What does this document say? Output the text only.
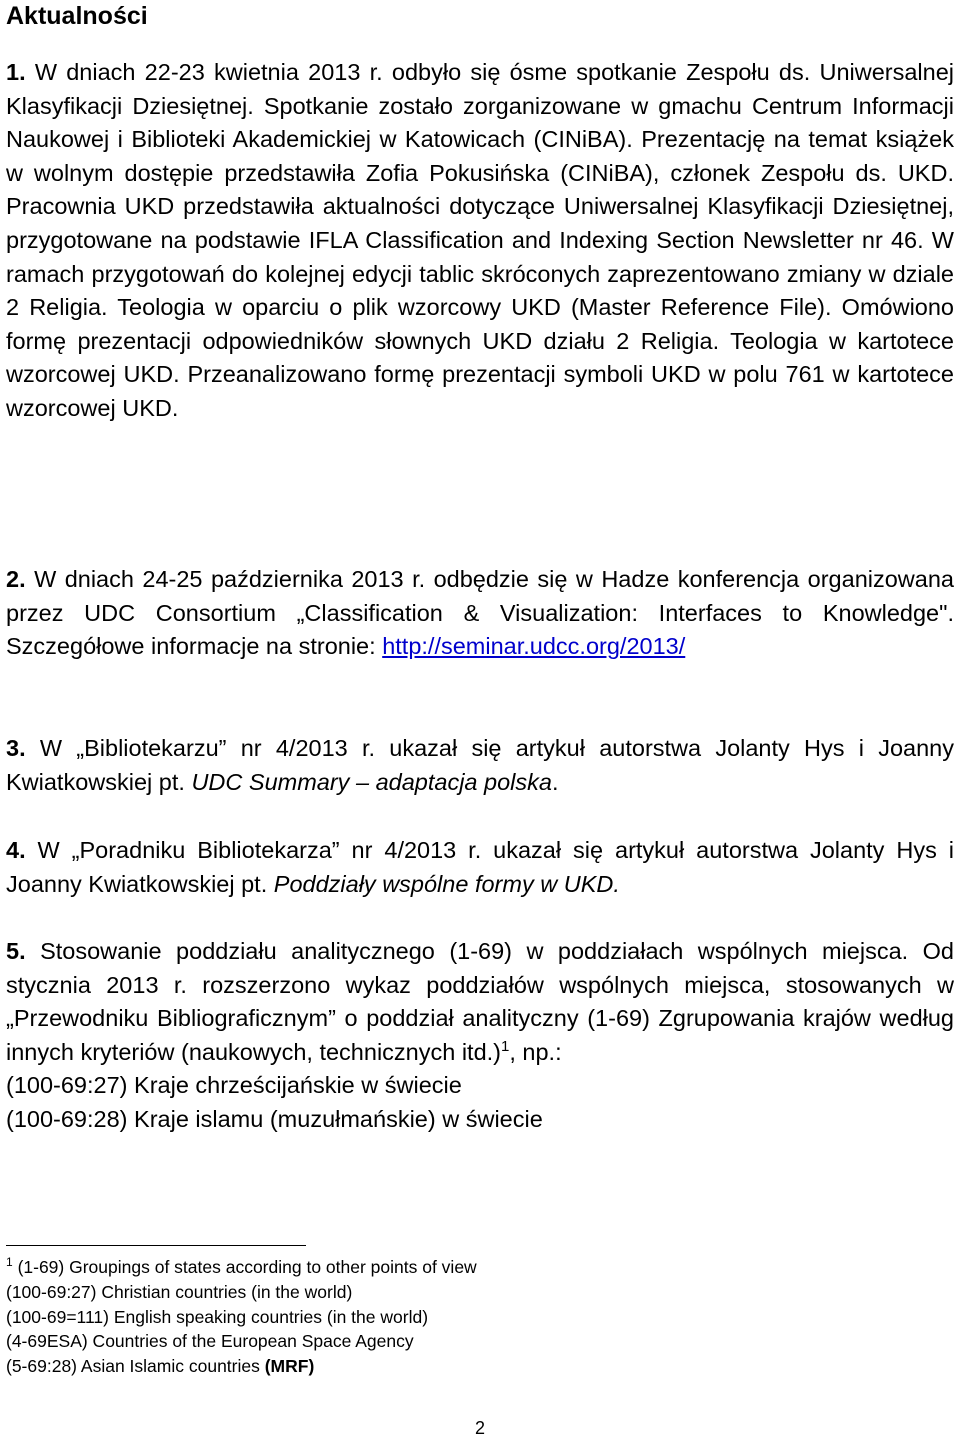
Aktualności

1. W dniach 22-23 kwietnia 2013 r. odbyło się ósme spotkanie Zespołu ds. Uniwersalnej Klasyfikacji Dziesiętnej. Spotkanie zostało zorganizowane w gmachu Centrum Informacji Naukowej i Biblioteki Akademickiej w Katowicach (CINiBA). Prezentację na temat książek w wolnym dostępie przedstawiła Zofia Pokusińska (CINiBA), członek Zespołu ds. UKD. Pracownia UKD przedstawiła aktualności dotyczące Uniwersalnej Klasyfikacji Dziesiętnej, przygotowane na podstawie IFLA Classification and Indexing Section Newsletter nr 46. W ramach przygotowań do kolejnej edycji tablic skróconych zaprezentowano zmiany w dziale 2 Religia. Teologia w oparciu o plik wzorcowy UKD (Master Reference File). Omówiono formę prezentacji odpowiedników słownych UKD działu 2 Religia. Teologia w kartotece wzorcowej UKD. Przeanalizowano formę prezentacji symboli UKD w polu 761 w kartotece wzorcowej UKD.

2. W dniach 24-25 października 2013 r. odbędzie się w Hadze konferencja organizowana przez UDC Consortium „Classification & Visualization: Interfaces to Knowledge". Szczegółowe informacje na stronie: http://seminar.udcc.org/2013/

3. W „Bibliotekarzu” nr 4/2013 r. ukazał się artykuł autorstwa Jolanty Hys i Joanny Kwiatkowskiej pt. UDC Summary – adaptacja polska.

4. W „Poradniku Bibliotekarza” nr 4/2013 r. ukazał się artykuł autorstwa Jolanty Hys i Joanny Kwiatkowskiej pt. Poddziały wspólne formy w UKD.

5. Stosowanie poddziału analitycznego (1-69) w poddziałach wspólnych miejsca. Od stycznia 2013 r. rozszerzono wykaz poddziałów wspólnych miejsca, stosowanych w „Przewodniku Bibliograficznym” o poddział analityczny (1-69) Zgrupowania krajów według innych kryteriów (naukowych, technicznych itd.)$^1$, np.:
(100-69:27) Kraje chrześcijańskie w świecie
(100-69:28) Kraje islamu (muzułmańskie) w świecie

$^1$ (1-69) Groupings of states according to other points of view
(100-69:27) Christian countries (in the world)
(100-69=111) English speaking countries (in the world)
(4-69ESA) Countries of the European Space Agency
(5-69:28) Asian Islamic countries (MRF)
2
